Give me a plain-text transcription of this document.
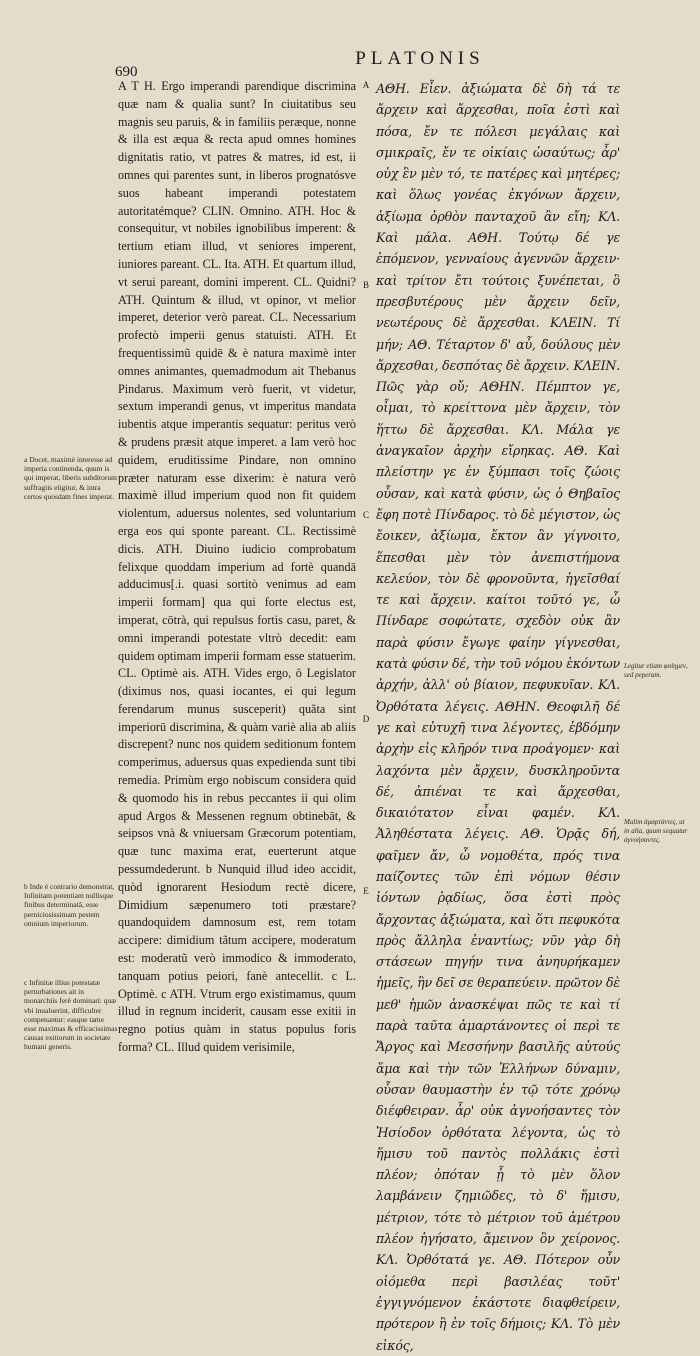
PLATONIS
690
a Docet, maximè interesse ad imperia continenda, quum is qui imperat, liberis subditorum suffragiis eligitur, & intra certos quosdam fines imperat.
b Inde è contrario demonstrat, Infinitam potentiam nullisque finibus determinatã, esse perniciosissimam pestem omnium imperiorum.
c Infinitæ illius potestatæ perturbationes ait in monarchiis ferè dominari: quæ vbi inualuerint, difficulter compenantur: easque tame esse maximas & efficacissimas causas exitiorum in societate humani generis.

A T H. Ergo imperandi parendique discrimina quæ nam & qualia sunt? In ciuitatibus seu magnis seu paruis, & in familiis peræque, nonne & illa est æqua & recta apud omnes homines dignitatis ratio, vt patres & matres, id est, ii omnes qui parentes sunt, in liberos prognatósve suos habeant imperandi potestatem autoritatémque? CLIN. Omnino. ATH. Hoc & consequitur, vt nobiles ignobilibus imperent: & tertium etiam illud, vt seniores imperent, iuniores pareant. CL. Ita. ATH. Et quartum illud, vt serui pareant, domini imperent. CL. Quidni? ATH. Quintum & illud, vt opinor, vt melior imperet, deterior verò pareat. CL. Necessarium profectò imperii genus statuisti. ATH. Et frequentissimũ quidē & è natura maximè inter omnes animantes, quemadmodum ait Thebanus Pindarus. Maximum verò fuerit, vt videtur, sextum imperandi genus, vt imperitus mandata iubentis atque imperantis sequatur: peritus verò & prudens præsit atque imperet. a Iam verò hoc quidem, eruditissime Pindare, non omnino præter naturam esse dixerim: è natura verò maximè illud imperium quod non fit quidem violentum, aduersus nolentes, sed voluntarium erga eos qui sponte pareant. CL. Rectissimè dicis. ATH. Diuino iudicio comprobatum felixque quoddam imperium ad fortè quandā adducimus[.i. quasi sortitò venimus ad eam imperii formam] qua qui forte electus est, imperat, cōtrà, qui repulsus fortis casu, paret, & omni imperandi potestate vltrò decedit: eam quidem optimam imperii formam esse statuerim. CL. Optimè ais. ATH. Vides ergo, ô Legislator (diximus nos, quasi iocantes, ei qui legum ferendarum munus susceperit) quãta sint imperiorū discrimina, & quàm variè alia ab aliis discrepent? nunc nos quidem seditionum fontem comperimus, aduersus quas expedienda sunt tibi remedia. Primùm ergo nobiscum considera quid & quomodo his in rebus peccantes ii qui olim apud Argos & Messenen regnum obtinebāt, & seipsos vnà & vniuersam Græcorum potentiam, quæ tunc maxima erat, euerterunt atque pessumdederunt. b Nunquid illud ideo accidit, quòd ignorarent Hesiodum rectè dicere, Dimidium sæpenumero toti præstare? quandoquidem damnosum est, rem totam accipere: dimidium tãtum accipere, moderatum est: moderatũ verò immodico & immoderato, tanquam potius peiori, fanè antecellit. c L. Optimè. c ATH. Vtrum ergo existimamus, quum illud in regnum inciderit, causam esse exitii in regno potius quàm in status populus foris forma? CL. Illud quidem verisimile,

A
B
C
D
E

ΑΘΗ. Εἶεν. ἀξιώματα δὲ δὴ τά τε ἄρχειν καὶ ἄρχεσθαι, ποῖα ἐστὶ καὶ πόσα, ἔν τε πόλεσι μεγάλαις καὶ σμικραῖς, ἔν τε οἰκίαις ὡσαύτως; ἆρ' οὐχ ἓν μὲν τό, τε πατέρες καὶ μητέρες; καὶ ὅλως γονέας ἐκγόνων ἄρχειν, ἀξίωμα ὀρθὸν πανταχοῦ ἂν εἴη; ΚΛ. Καὶ μάλα. ΑΘΗ. Τούτῳ δέ γε ἑπόμενον, γενναίους ἀγεννῶν ἄρχειν· καὶ τρίτον ἔτι τούτοις ξυνέπεται, ὃ πρεσβυτέρους μὲν ἄρχειν δεῖν, νεωτέρους δὲ ἄρχεσθαι. ΚΛΕΙΝ. Τί μήν; ΑΘ. Τέταρτον δ' αὖ, δούλους μὲν ἄρχεσθαι, δεσπότας δὲ ἄρχειν. ΚΛΕΙΝ. Πῶς γὰρ οὔ; ΑΘΗΝ. Πέμπτον γε, οἶμαι, τὸ κρείττονα μὲν ἄρχειν, τὸν ἥττω δὲ ἄρχεσθαι. ΚΛ. Μάλα γε ἀναγκαῖον ἀρχὴν εἴρηκας. ΑΘ. Καὶ πλείστην γε ἐν ξύμπασι τοῖς ζώοις οὖσαν, καὶ κατὰ φύσιν, ὡς ὁ Θηβαῖος ἔφη ποτὲ Πίνδαρος. τὸ δὲ μέγιστον, ὡς ἔοικεν, ἀξίωμα, ἕκτον ἂν γίγνοιτο, ἕπεσθαι μὲν τὸν ἀνεπιστήμονα κελεύον, τὸν δὲ φρονοῦντα, ἡγεῖσθαί τε καὶ ἄρχειν. καίτοι τοῦτό γε, ὦ Πίνδαρε σοφώτατε, σχεδὸν οὐκ ἂν παρὰ φύσιν ἔγωγε φαίην γίγνεσθαι, κατὰ φύσιν δέ, τὴν τοῦ νόμου ἑκόντων ἀρχήν, ἀλλ' οὐ βίαιον, πεφυκυῖαν. ΚΛ. Ὀρθότατα λέγεις. ΑΘΗΝ. Θεοφιλῆ δέ γε καὶ εὐτυχῆ τινα λέγοντες, ἑβδόμην ἀρχὴν εἰς κλῆρόν τινα προάγομεν· καὶ λαχόντα μὲν ἄρχειν, δυσκληρoῦντα δέ, ἀπιέναι τε καὶ ἄρχεσθαι, δικαιότατον εἶναι φαμέν. ΚΛ. Ἀληθέστατα λέγεις. ΑΘ. Ὁρᾷς δή, φαῖμεν ἄν, ὦ νομοθέτα, πρός τινα παίζοντες τῶν ἐπὶ νόμων θέσιν ἰόντων ῥᾳδίως, ὅσα ἐστὶ πρὸς ἄρχοντας ἀξιώματα, καὶ ὅτι πεφυκότα πρὸς ἄλληλα ἐναντίως; νῦν γὰρ δὴ στάσεων πηγήν τινα ἀνηυρήκαμεν ἡμεῖς, ἣν δεῖ σε θεραπεύειν. πρῶτον δὲ μεθ' ἡμῶν ἀνασκέψαι πῶς τε καὶ τί παρὰ ταῦτα ἁμαρτάνοντες οἱ περὶ τε Ἄργος καὶ Μεσσήνην βασιλῆς αὑτούς ἅμα καὶ τὴν τῶν Ἑλλήνων δύναμιν, οὖσαν θαυμαστὴν ἐν τῷ τότε χρόνῳ διέφθειραν. ἆρ' οὐκ ἀγνοήσαντες τὸν Ἡσίοδον ὀρθότατα λέγοντα, ὡς τὸ ἥμισυ τοῦ παντὸς πολλάκις ἐστὶ πλέον; ὁπόταν ᾖ τὸ μὲν ὅλον λαμβάνειν ζημιῶδες, τὸ δ' ἥμισυ, μέτριον, τότε τὸ μέτριον τοῦ ἀμέτρου πλέον ἡγήσατο, ἄμεινον ὂν χείρονος. ΚΛ. Ὀρθότατά γε. ΑΘ. Πότερον οὖν οἰόμεθα περὶ βασιλέας τοῦτ' ἐγγιγνόμενον ἑκάστοτε διαφθείρειν, πρότερον ἢ ἐν τοῖς δήμοις; ΚΛ. Τὸ μὲν εἰκός,

Legitur etiam φαίημεν, sed peperam.
Malim ἀμαρτάντες, ut in alia, quum sequatur ἀγνοήσαντες.
